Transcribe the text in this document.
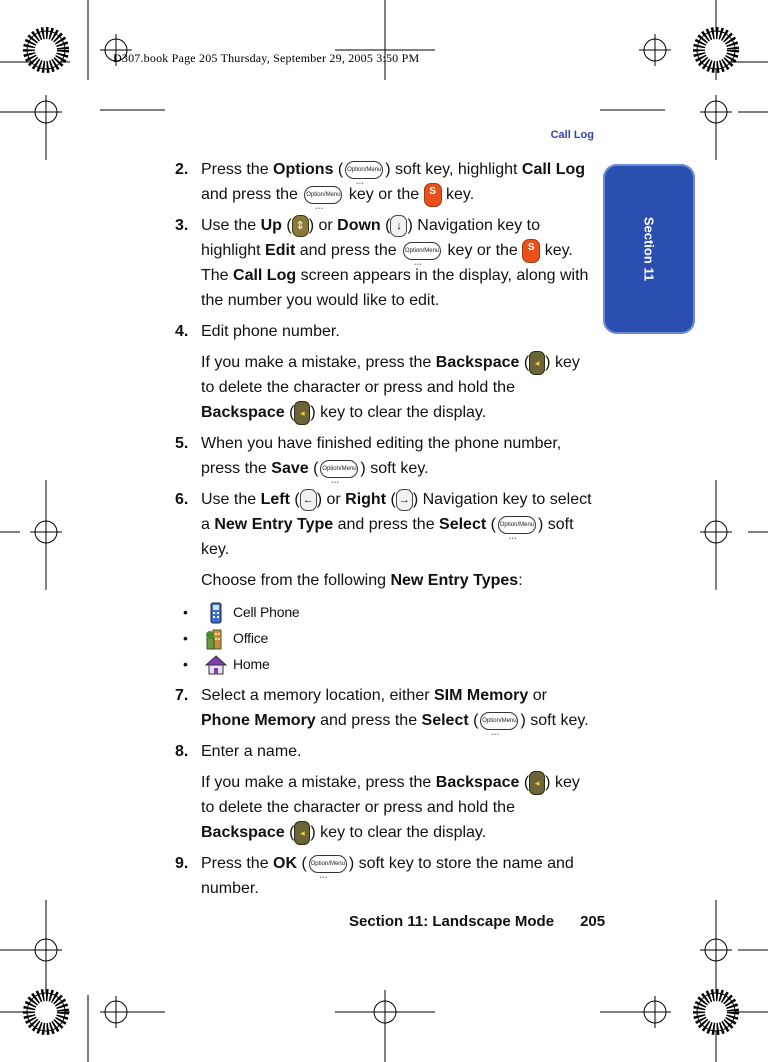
D307.book Page 205 Thursday, September 29, 2005 3:50 PM
Call Log
Section 11
2. Press the Options ( Option/Menu ••• ) soft key, highlight Call Log and press the Option/Menu ••• key or the S key.
3. Use the Up ( ⇕ ) or Down ( ↓ ) Navigation key to highlight Edit and press the Option/Menu ••• key or the S key. The Call Log screen appears in the display, along with the number you would like to edit.
4. Edit phone number.
If you make a mistake, press the Backspace ( ◂ ) key to delete the character or press and hold the Backspace ( ◂ ) key to clear the display.
5. When you have finished editing the phone number, press the Save ( Option/Menu ••• ) soft key.
6. Use the Left ( ← ) or Right ( → ) Navigation key to select a New Entry Type and press the Select ( Option/Menu ••• ) soft key.
Choose from the following New Entry Types:
•	Cell Phone
•	Office
•	Home
7. Select a memory location, either SIM Memory or Phone Memory and press the Select ( Option/Menu ••• ) soft key.
8. Enter a name.
If you make a mistake, press the Backspace ( ◂ ) key to delete the character or press and hold the Backspace ( ◂ ) key to clear the display.
9. Press the OK ( Option/Menu ••• ) soft key to store the name and number.
Section 11: Landscape Mode 205
